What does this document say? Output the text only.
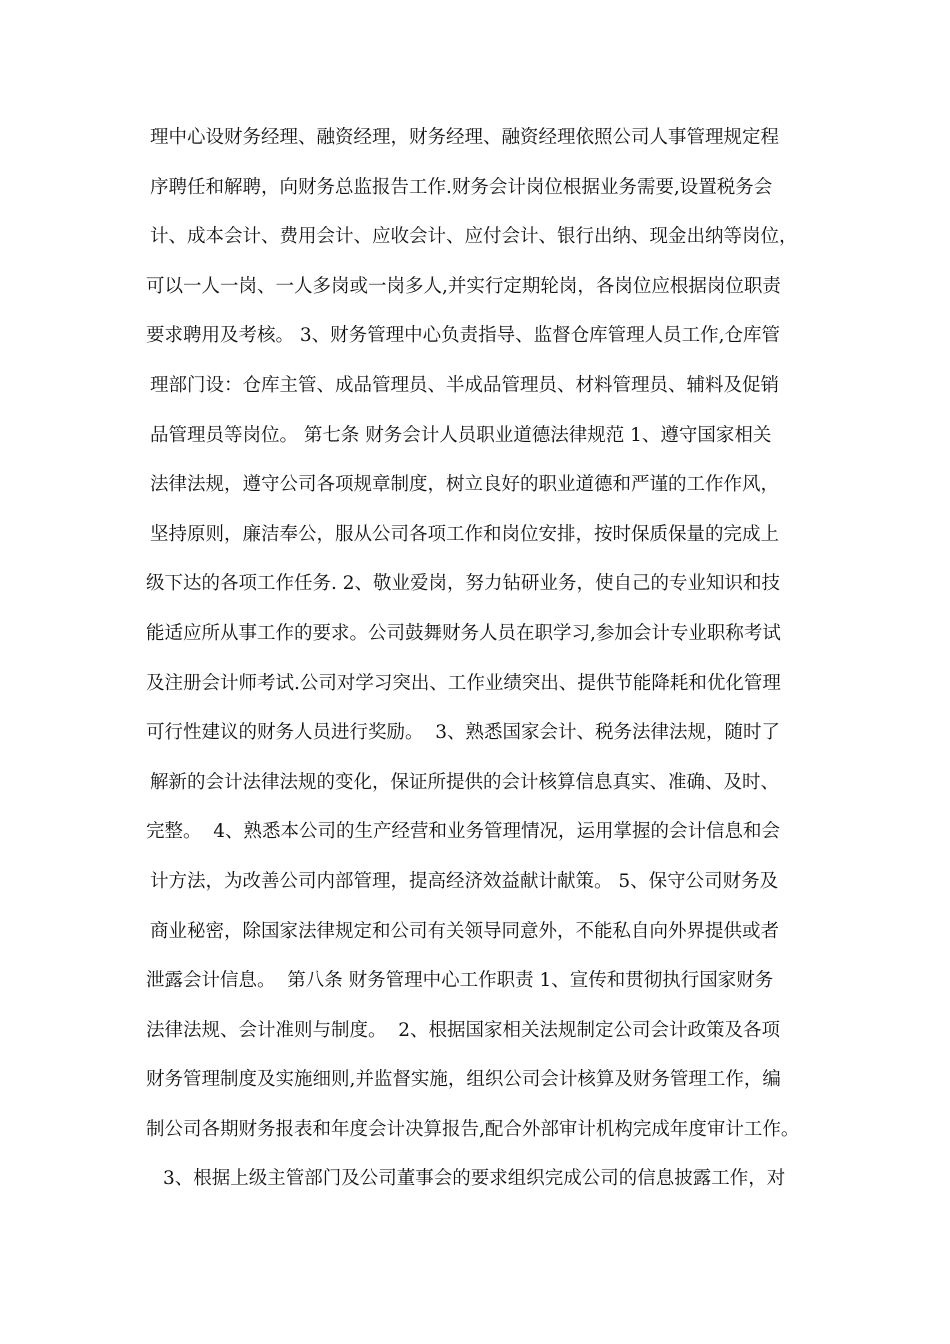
理中心设财务经理、融资经理，财务经理、融资经理依照公司人事管理规定程
序聘任和解聘，向财务总监报告工作.财务会计岗位根据业务需要,设置税务会
计、成本会计、费用会计、应收会计、应付会计、银行出纳、现金出纳等岗位，
可以一人一岗、一人多岗或一岗多人,并实行定期轮岗，各岗位应根据岗位职责
要求聘用及考核。 3、财务管理中心负责指导、监督仓库管理人员工作,仓库管
理部门设：仓库主管、成品管理员、半成品管理员、材料管理员、辅料及促销
品管理员等岗位。 第七条 财务会计人员职业道德法律规范 1、遵守国家相关
法律法规，遵守公司各项规章制度，树立良好的职业道德和严谨的工作作风，
坚持原则，廉洁奉公，服从公司各项工作和岗位安排，按时保质保量的完成上
级下达的各项工作任务. 2、敬业爱岗，努力钻研业务，使自己的专业知识和技
能适应所从事工作的要求。公司鼓舞财务人员在职学习,参加会计专业职称考试
及注册会计师考试.公司对学习突出、工作业绩突出、提供节能降耗和优化管理
可行性建议的财务人员进行奖励。  3、熟悉国家会计、税务法律法规，随时了
解新的会计法律法规的变化，保证所提供的会计核算信息真实、准确、及时、
完整。  4、熟悉本公司的生产经营和业务管理情况，运用掌握的会计信息和会
计方法，为改善公司内部管理，提高经济效益献计献策。 5、保守公司财务及
商业秘密，除国家法律规定和公司有关领导同意外，不能私自向外界提供或者
泄露会计信息。  第八条 财务管理中心工作职责 1、宣传和贯彻执行国家财务
法律法规、会计准则与制度。  2、根据国家相关法规制定公司会计政策及各项
财务管理制度及实施细则,并监督实施，组织公司会计核算及财务管理工作，编
制公司各期财务报表和年度会计决算报告,配合外部审计机构完成年度审计工作。
3、根据上级主管部门及公司董事会的要求组织完成公司的信息披露工作，对
